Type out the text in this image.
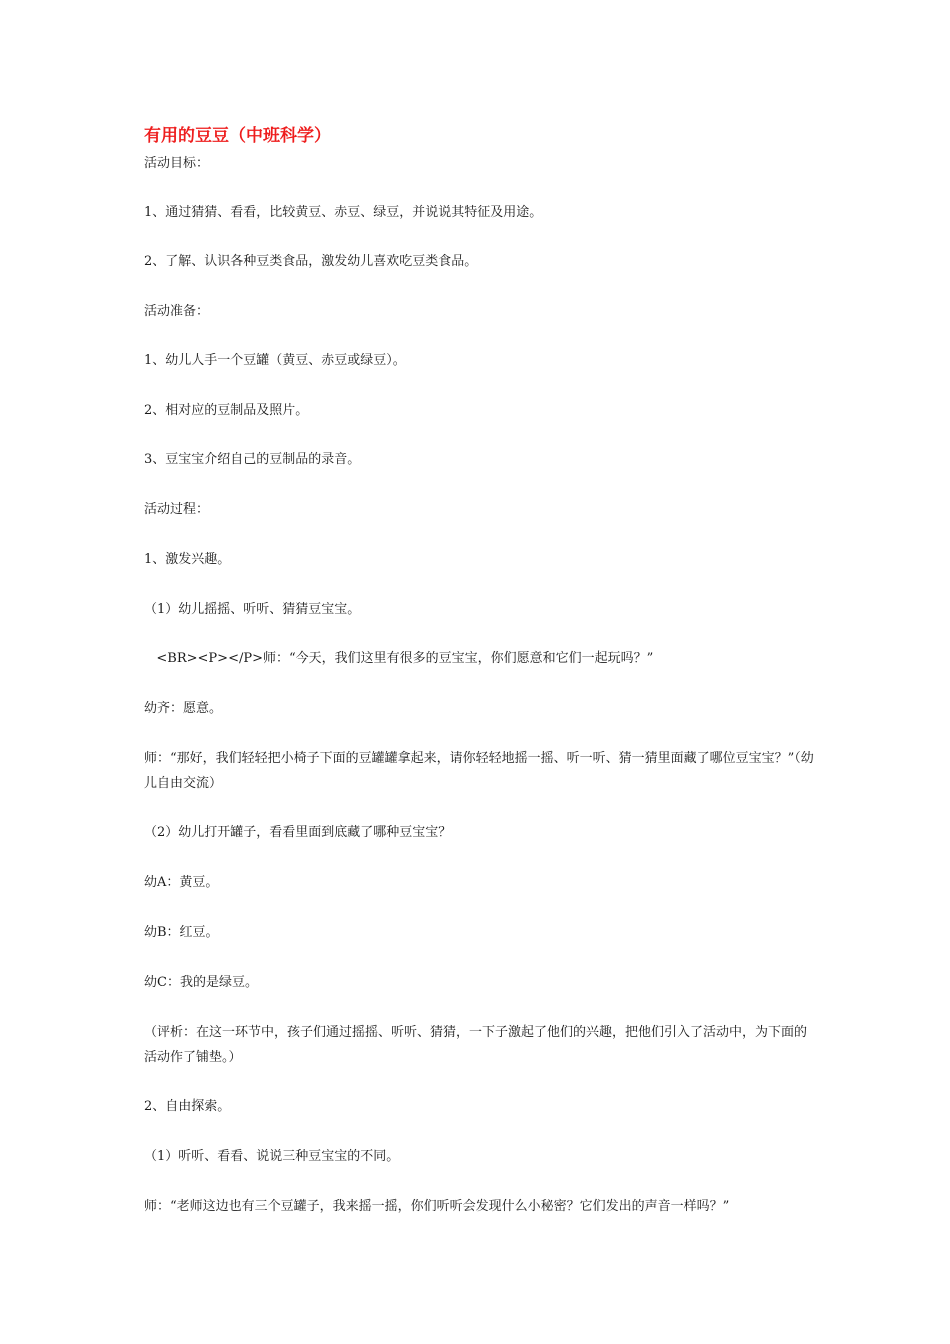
有用的豆豆（中班科学）
活动目标：
1、通过猜猜、看看，比较黄豆、赤豆、绿豆，并说说其特征及用途。
2、了解、认识各种豆类食品，激发幼儿喜欢吃豆类食品。
活动准备：
1、幼儿人手一个豆罐（黄豆、赤豆或绿豆）。
2、相对应的豆制品及照片。
3、豆宝宝介绍自己的豆制品的录音。
活动过程：
1、激发兴趣。
（1）幼儿摇摇、听听、猜猜豆宝宝。
<BR><P></P>师：“今天，我们这里有很多的豆宝宝，你们愿意和它们一起玩吗？”
幼齐：愿意。
师：“那好，我们轻轻把小椅子下面的豆罐罐拿起来，请你轻轻地摇一摇、听一听、猜一猜里面藏了哪位豆宝宝？”（幼儿自由交流）
（2）幼儿打开罐子，看看里面到底藏了哪种豆宝宝？
幼A：黄豆。
幼B：红豆。
幼C：我的是绿豆。
（评析：在这一环节中，孩子们通过摇摇、听听、猜猜，一下子激起了他们的兴趣，把他们引入了活动中，为下面的活动作了铺垫。）
2、自由探索。
（1）听听、看看、说说三种豆宝宝的不同。
师：“老师这边也有三个豆罐子，我来摇一摇，你们听听会发现什么小秘密？它们发出的声音一样吗？”
